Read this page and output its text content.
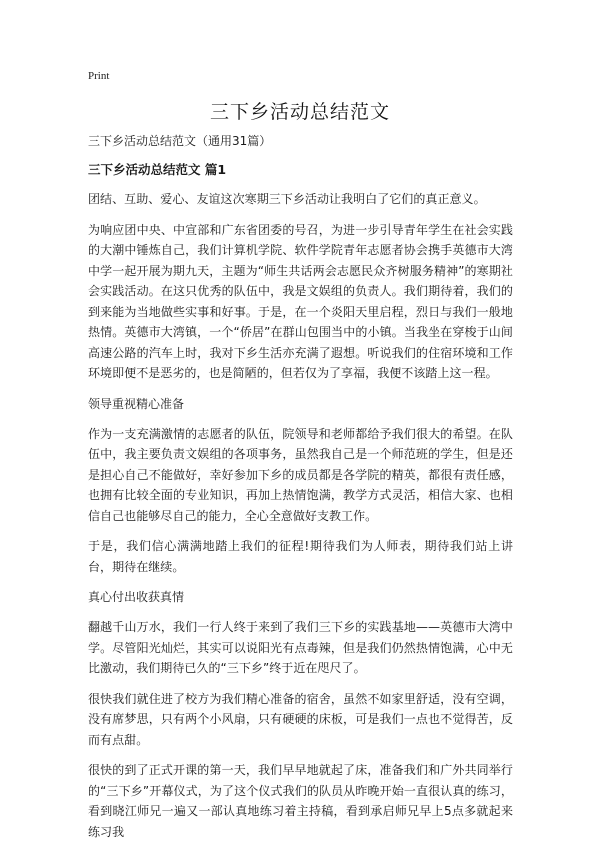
Print
三下乡活动总结范文
三下乡活动总结范文（通用31篇）
三下乡活动总结范文 篇1
团结、互助、爱心、友谊这次寒期三下乡活动让我明白了它们的真正意义。
为响应团中央、中宣部和广东省团委的号召，为进一步引导青年学生在社会实践的大潮中锤炼自己，我们计算机学院、软件学院青年志愿者协会携手英德市大湾中学一起开展为期九天，主题为“师生共话两会志愿民众齐树服务精神”的寒期社会实践活动。在这只优秀的队伍中，我是文娱组的负责人。我们期待着，我们的到来能为当地做些实事和好事。于是，在一个炎阳天里启程，烈日与我们一般地热情。英德市大湾镇，一个“侨居”在群山包围当中的小镇。当我坐在穿梭于山间高速公路的汽车上时，我对下乡生活亦充满了遐想。听说我们的住宿环境和工作环境即便不是恶劣的，也是简陋的，但若仅为了享福，我便不该踏上这一程。
领导重视精心准备
作为一支充满激情的志愿者的队伍，院领导和老师都给予我们很大的希望。在队伍中，我主要负责文娱组的各项事务，虽然我自己是一个师范班的学生，但是还是担心自己不能做好，幸好参加下乡的成员都是各学院的精英，都很有责任感，也拥有比较全面的专业知识，再加上热情饱满，教学方式灵活，相信大家、也相信自己也能够尽自己的能力，全心全意做好支教工作。
于是，我们信心满满地踏上我们的征程!期待我们为人师表，期待我们站上讲台，期待在继续。
真心付出收获真情
翻越千山万水，我们一行人终于来到了我们三下乡的实践基地——英德市大湾中学。尽管阳光灿烂，其实可以说阳光有点毒辣，但是我们仍然热情饱满，心中无比激动，我们期待已久的“三下乡”终于近在咫尺了。
很快我们就住进了校方为我们精心准备的宿舍，虽然不如家里舒适，没有空调，没有席梦思，只有两个小风扇，只有硬硬的床板，可是我们一点也不觉得苦，反而有点甜。
很快的到了正式开课的第一天，我们早早地就起了床，准备我们和广外共同举行的“三下乡”开幕仪式，为了这个仪式我们的队员从昨晚开始一直很认真的练习，看到晓江师兄一遍又一部认真地练习着主持稿，看到承启师兄早上5点多就起来练习我
